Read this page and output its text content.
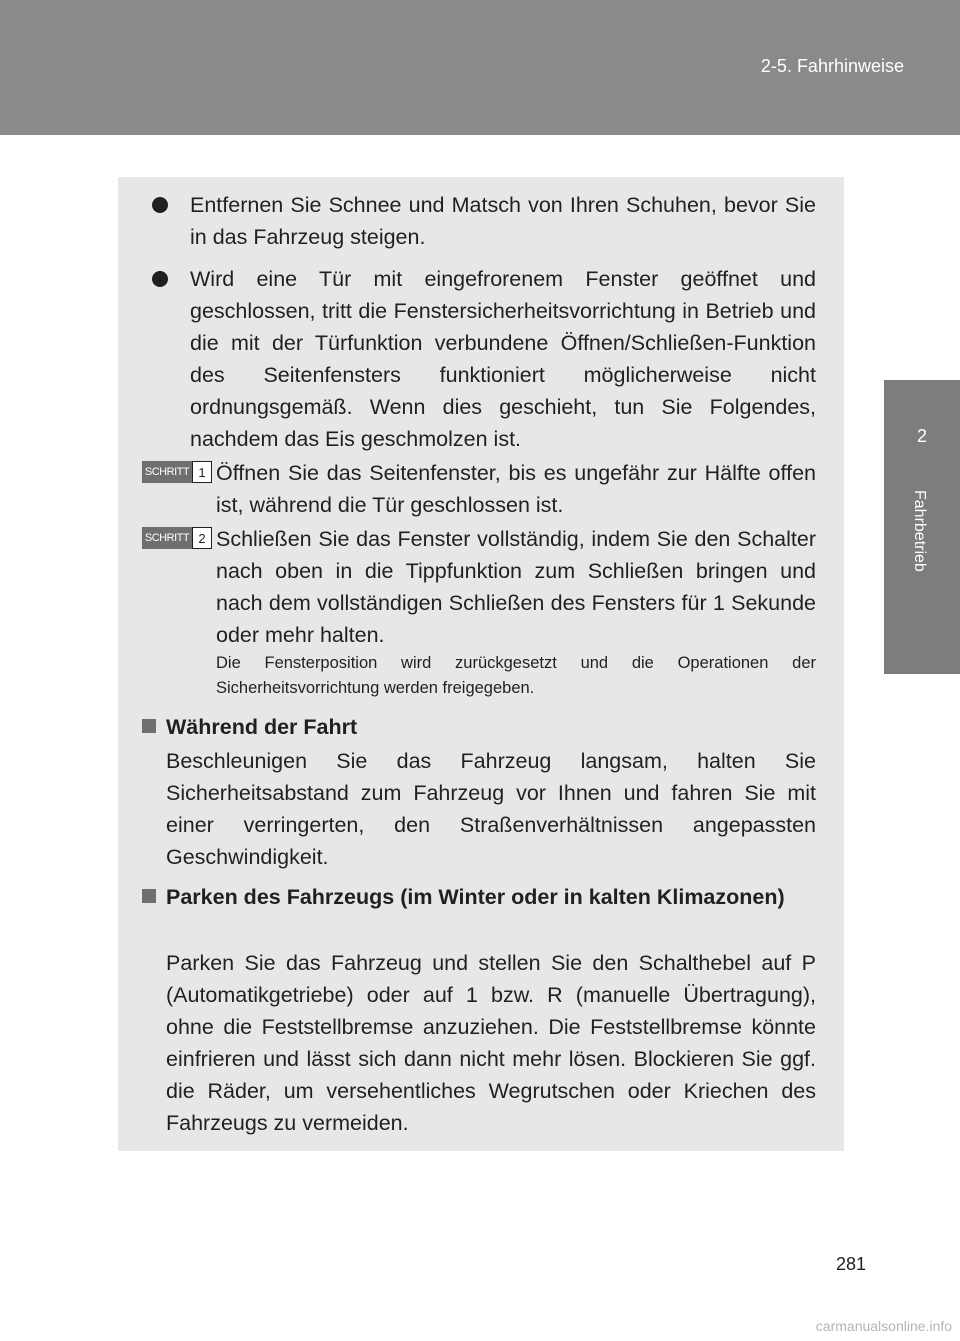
2-5. Fahrhinweise
2
Fahrbetrieb
Entfernen Sie Schnee und Matsch von Ihren Schuhen, bevor Sie in das Fahrzeug steigen.
Wird eine Tür mit eingefrorenem Fenster geöffnet und geschlossen, tritt die Fenstersicherheitsvorrichtung in Betrieb und die mit der Türfunktion verbundene Öffnen/Schließen-Funktion des Seitenfensters funktioniert möglicherweise nicht ordnungsgemäß. Wenn dies geschieht, tun Sie Folgendes, nachdem das Eis geschmolzen ist.
SCHRITT 1 Öffnen Sie das Seitenfenster, bis es ungefähr zur Hälfte offen ist, während die Tür geschlossen ist.
SCHRITT 2 Schließen Sie das Fenster vollständig, indem Sie den Schalter nach oben in die Tippfunktion zum Schließen bringen und nach dem vollständigen Schließen des Fensters für 1 Sekunde oder mehr halten.
Die Fensterposition wird zurückgesetzt und die Operationen der Sicherheitsvorrichtung werden freigegeben.
Während der Fahrt
Beschleunigen Sie das Fahrzeug langsam, halten Sie Sicherheitsabstand zum Fahrzeug vor Ihnen und fahren Sie mit einer verringerten, den Straßenverhältnissen angepassten Geschwindigkeit.
Parken des Fahrzeugs (im Winter oder in kalten Klimazonen)
Parken Sie das Fahrzeug und stellen Sie den Schalthebel auf P (Automatikgetriebe) oder auf 1 bzw. R (manuelle Übertragung), ohne die Feststellbremse anzuziehen. Die Feststellbremse könnte einfrieren und lässt sich dann nicht mehr lösen. Blockieren Sie ggf. die Räder, um versehentliches Wegrutschen oder Kriechen des Fahrzeugs zu vermeiden.
281
carmanualsonline.info
